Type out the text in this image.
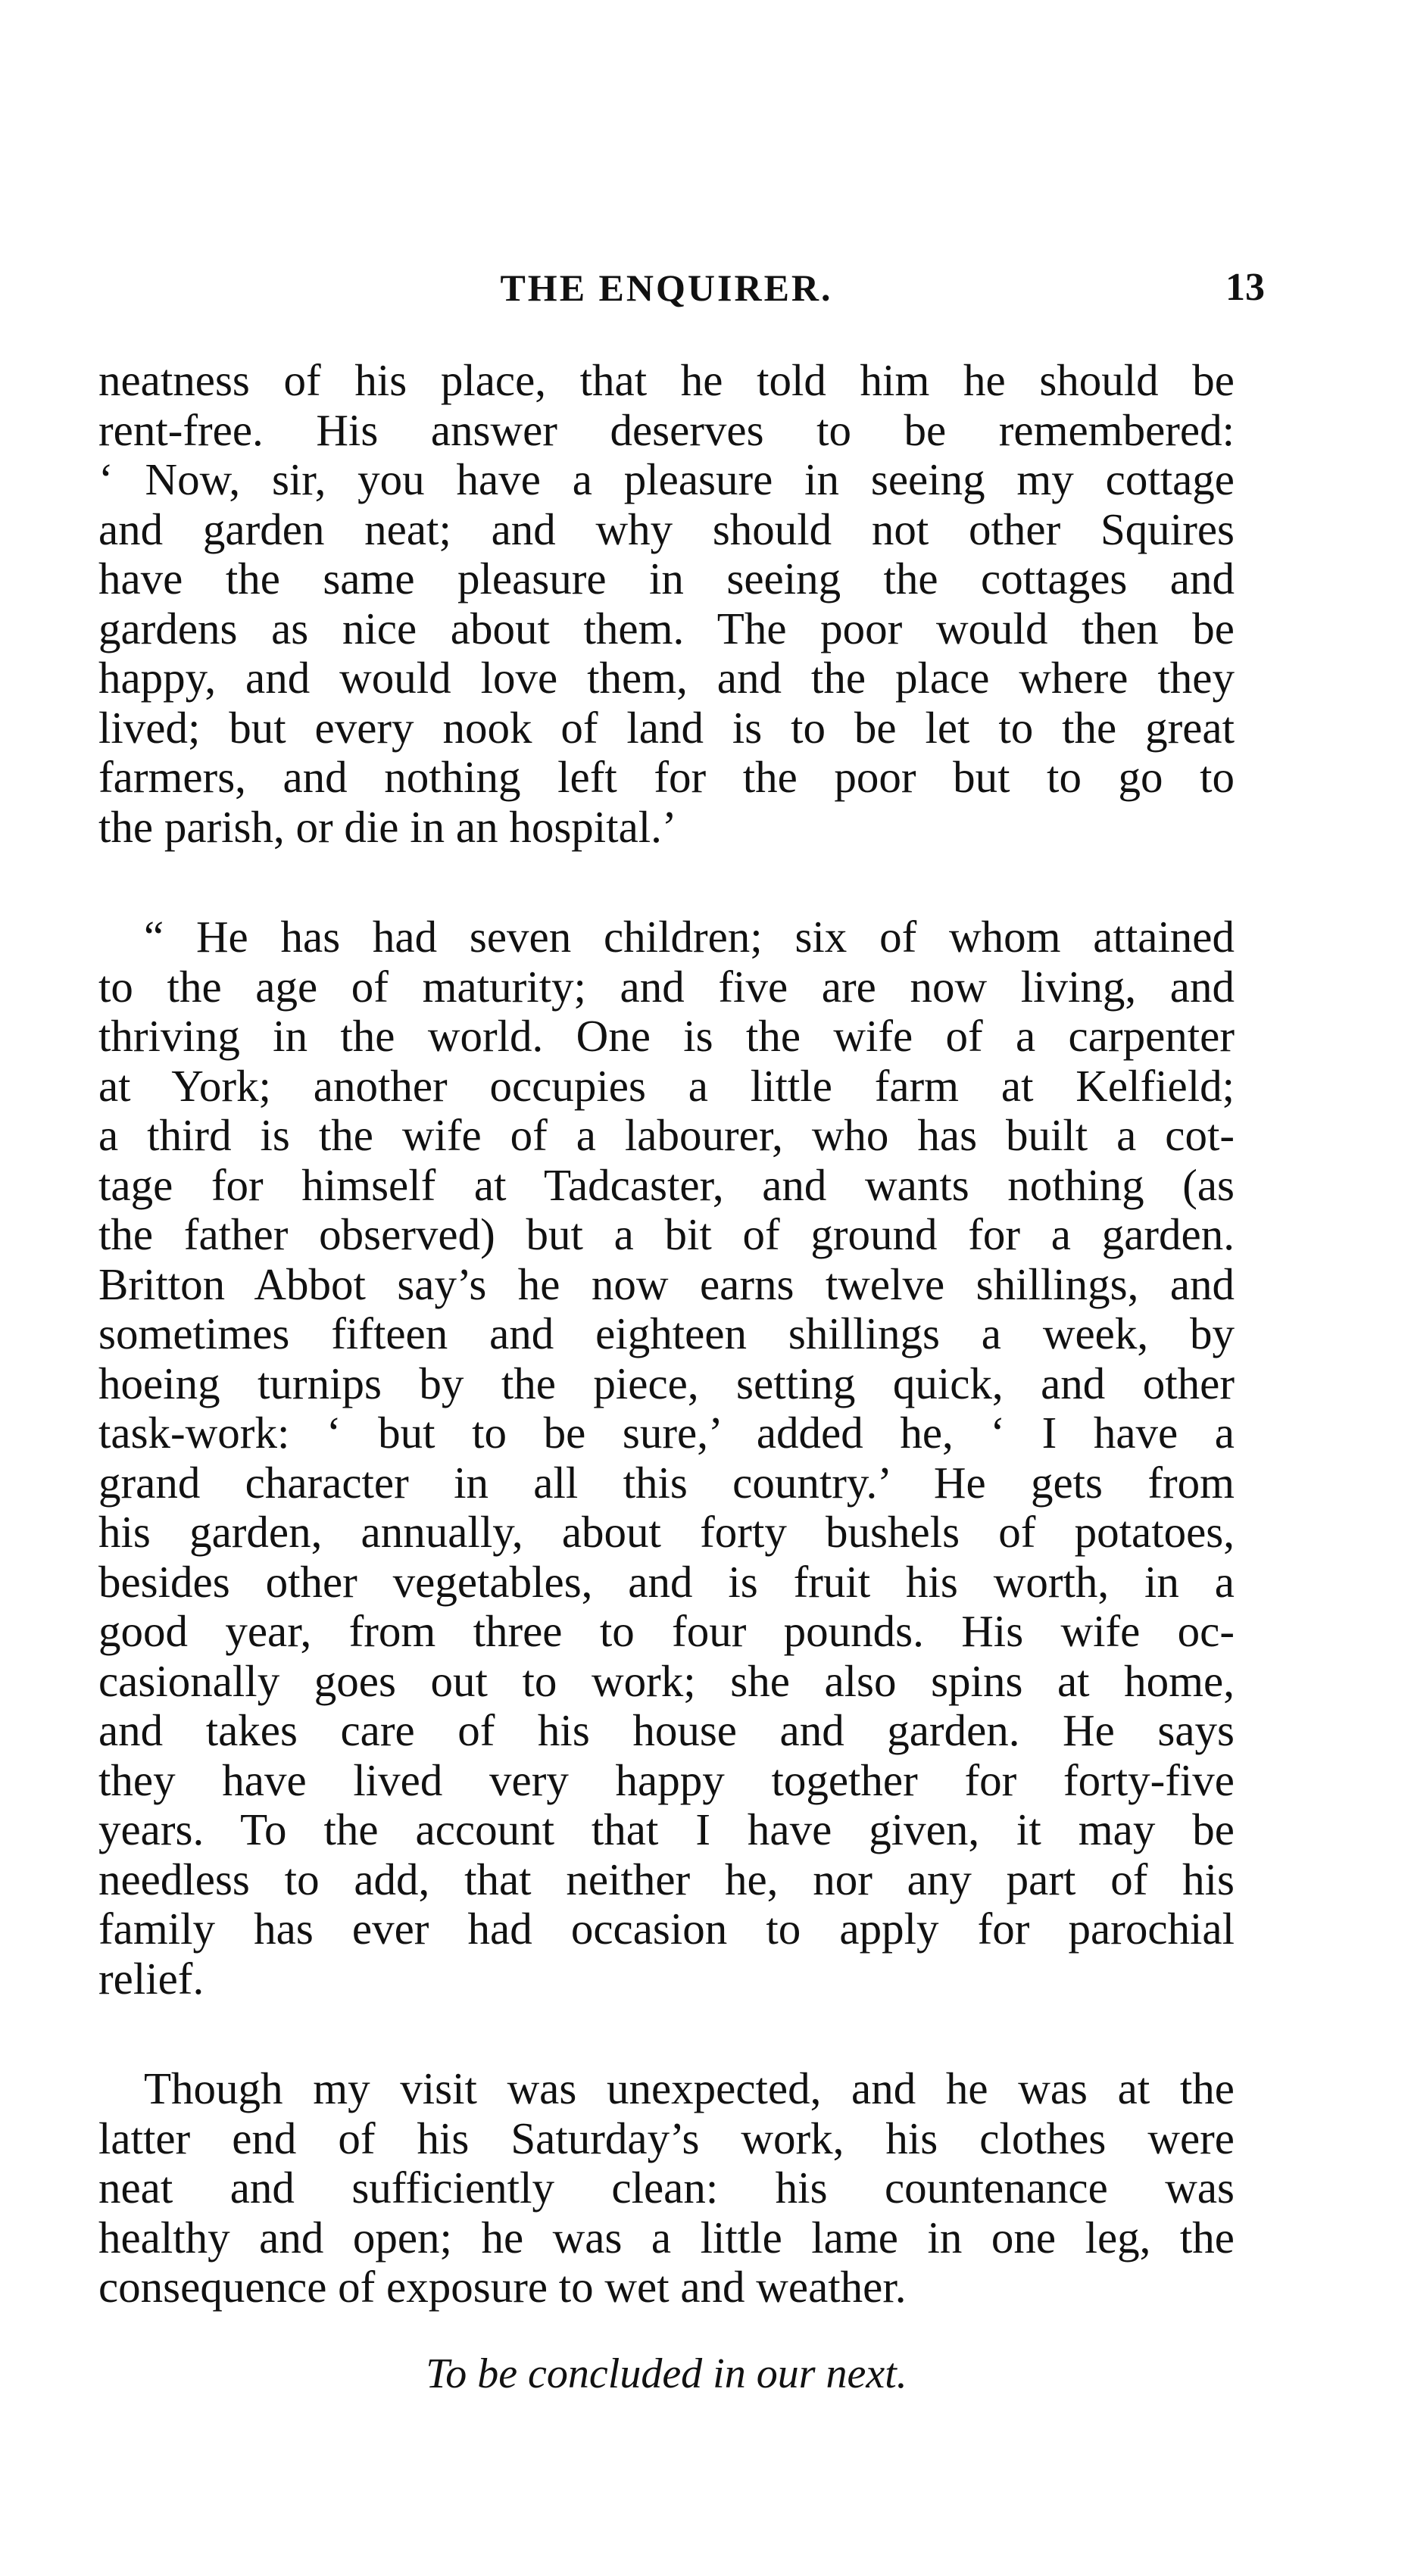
THE ENQUIRER.	13
neatness of his place, that he told him he should be
rent-free. His answer deserves to be remembered:
‘ Now, sir, you have a pleasure in seeing my cottage
and garden neat; and why should not other Squires
have the same pleasure in seeing the cottages and
gardens as nice about them. The poor would then be
happy, and would love them, and the place where they
lived; but every nook of land is to be let to the great
farmers, and nothing left for the poor but to go to
the parish, or die in an hospital.’
“ He has had seven children; six of whom attained
to the age of maturity; and five are now living, and
thriving in the world. One is the wife of a carpenter
at York; another occupies a little farm at Kelfield;
a third is the wife of a labourer, who has built a cot-
tage for himself at Tadcaster, and wants nothing (as
the father observed) but a bit of ground for a garden.
Britton Abbot say’s he now earns twelve shillings, and
sometimes fifteen and eighteen shillings a week, by
hoeing turnips by the piece, setting quick, and other
task-work: ‘ but to be sure,’ added he, ‘ I have a
grand character in all this country.’ He gets from
his garden, annually, about forty bushels of potatoes,
besides other vegetables, and is fruit his worth, in a
good year, from three to four pounds. His wife oc-
casionally goes out to work; she also spins at home,
and takes care of his house and garden. He says
they have lived very happy together for forty-five
years. To the account that I have given, it may be
needless to add, that neither he, nor any part of his
family has ever had occasion to apply for parochial
relief.
Though my visit was unexpected, and he was at the
latter end of his Saturday’s work, his clothes were
neat and sufficiently clean: his countenance was
healthy and open; he was a little lame in one leg, the
consequence of exposure to wet and weather.
To be concluded in our next.
